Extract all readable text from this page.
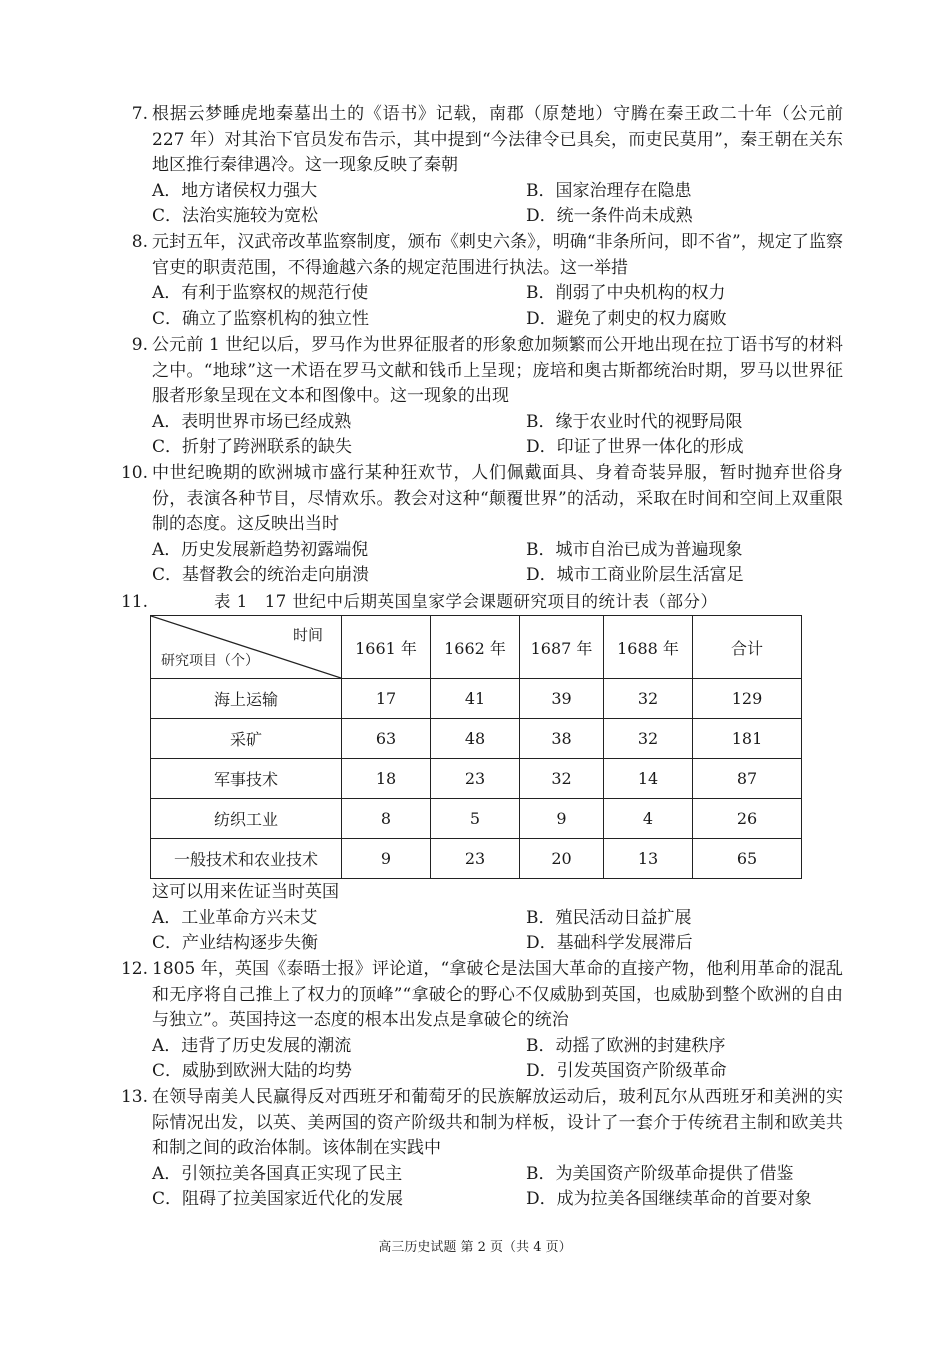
7. 根据云梦睡虎地秦墓出土的《语书》记载，南郡（原楚地）守腾在秦王政二十年（公元前 227 年）对其治下官员发布告示，其中提到“今法律令已具矣，而吏民莫用”，秦王朝在关东地区推行秦律遇冷。这一现象反映了秦朝
A．地方诸侯权力强大	B．国家治理存在隐患
C．法治实施较为宽松	D．统一条件尚未成熟
8. 元封五年，汉武帝改革监察制度，颁布《刺史六条》，明确“非条所问，即不省”，规定了监察官吏的职责范围，不得逾越六条的规定范围进行执法。这一举措
A．有利于监察权的规范行使	B．削弱了中央机构的权力
C．确立了监察机构的独立性	D．避免了刺史的权力腐败
9. 公元前 1 世纪以后，罗马作为世界征服者的形象愈加频繁而公开地出现在拉丁语书写的材料之中。“地球”这一术语在罗马文献和钱币上呈现；庞培和奥古斯都统治时期，罗马以世界征服者形象呈现在文本和图像中。这一现象的出现
A．表明世界市场已经成熟	B．缘于农业时代的视野局限
C．折射了跨洲联系的缺失	D．印证了世界一体化的形成
10. 中世纪晚期的欧洲城市盛行某种狂欢节，人们佩戴面具、身着奇装异服，暂时抛弃世俗身份，表演各种节目，尽情欢乐。教会对这种“颠覆世界”的活动，采取在时间和空间上双重限制的态度。这反映出当时
A．历史发展新趋势初露端倪	B．城市自治已成为普遍现象
C．基督教会的统治走向崩溃	D．城市工商业阶层生活富足
11.	表 1　17 世纪中后期英国皇家学会课题研究项目的统计表（部分）
时间
研究项目（个）	1661 年	1662 年	1687 年	1688 年	合计
海上运输	17	41	39	32	129
采矿	63	48	38	32	181
军事技术	18	23	32	14	87
纺织工业	8	5	9	4	26
一般技术和农业技术	9	23	20	13	65
这可以用来佐证当时英国
A．工业革命方兴未艾	B．殖民活动日益扩展
C．产业结构逐步失衡	D．基础科学发展滞后
12. 1805 年，英国《泰晤士报》评论道，“拿破仑是法国大革命的直接产物，他利用革命的混乱和无序将自己推上了权力的顶峰”“拿破仑的野心不仅威胁到英国，也威胁到整个欧洲的自由与独立”。英国持这一态度的根本出发点是拿破仑的统治
A．违背了历史发展的潮流	B．动摇了欧洲的封建秩序
C．威胁到欧洲大陆的均势	D．引发英国资产阶级革命
13. 在领导南美人民赢得反对西班牙和葡萄牙的民族解放运动后，玻利瓦尔从西班牙和美洲的实际情况出发，以英、美两国的资产阶级共和制为样板，设计了一套介于传统君主制和欧美共和制之间的政治体制。该体制在实践中
A．引领拉美各国真正实现了民主	B．为美国资产阶级革命提供了借鉴
C．阻碍了拉美国家近代化的发展	D．成为拉美各国继续革命的首要对象
高三历史试题 第 2 页（共 4 页）
